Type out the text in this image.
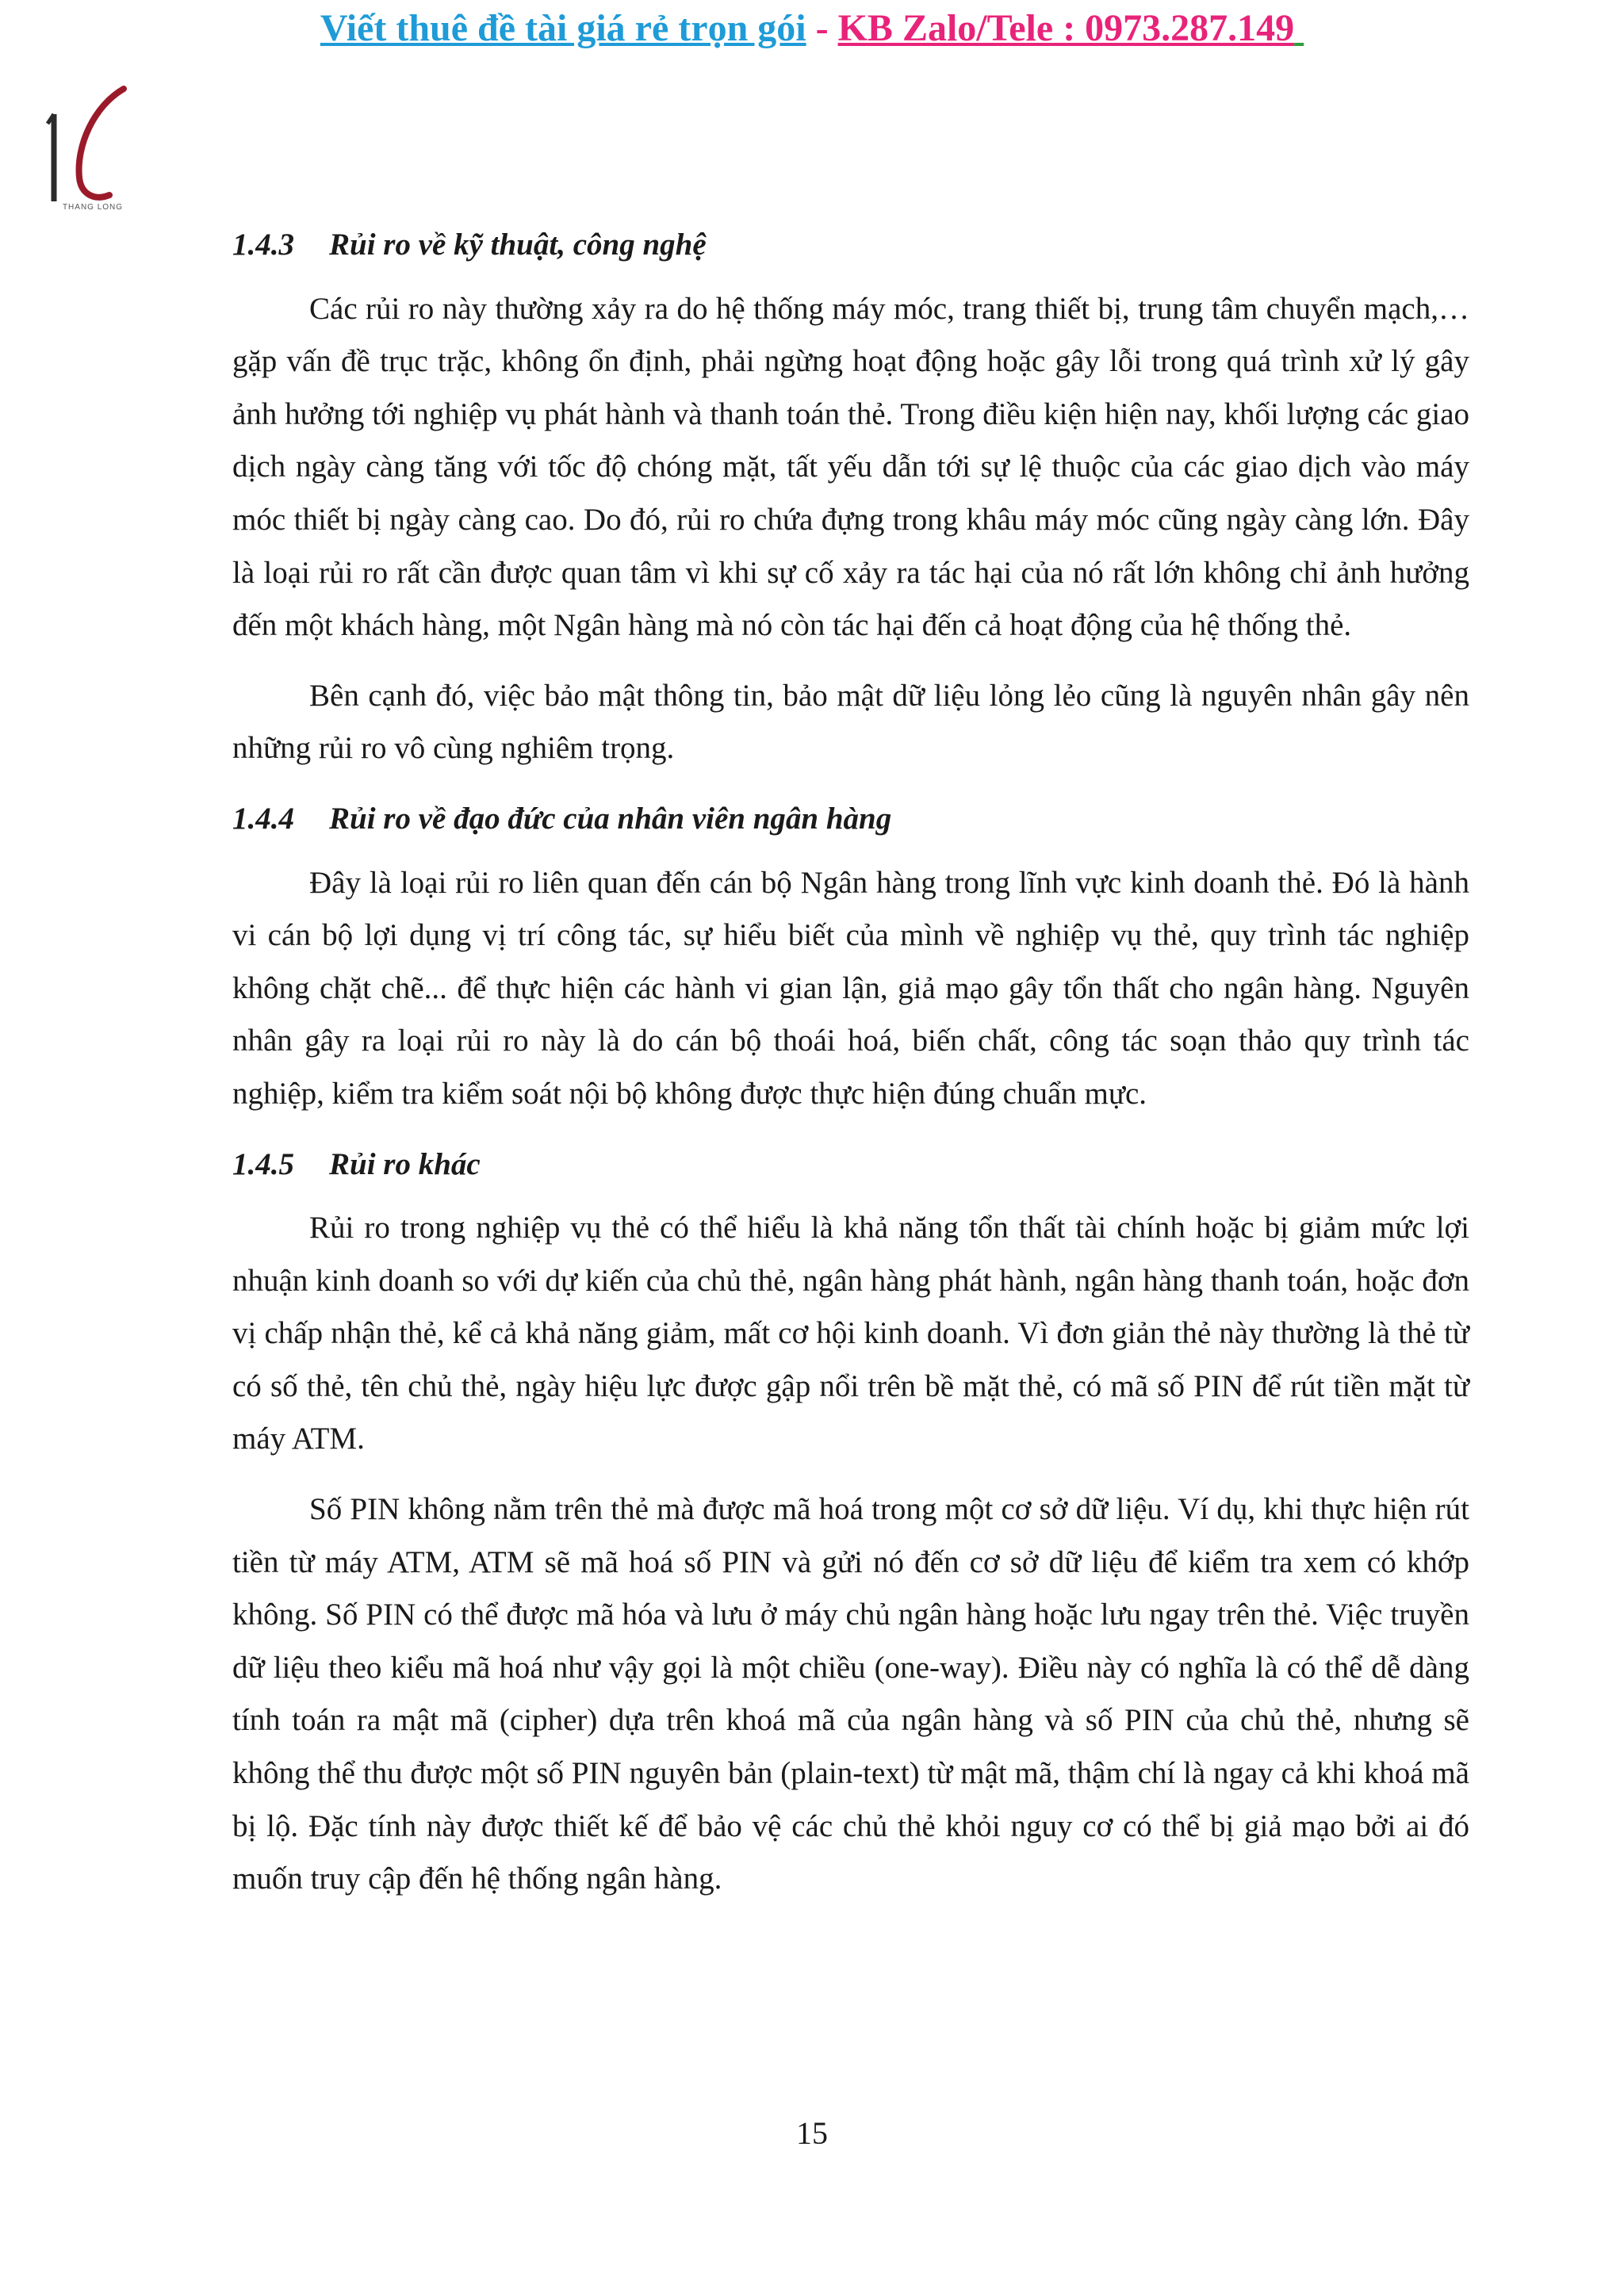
Viết thuê đề tài giá rẻ trọn gói - KB Zalo/Tele : 0973.287.149
THANG LONG

1.4.3 Rủi ro về kỹ thuật, công nghệ

Các rủi ro này thường xảy ra do hệ thống máy móc, trang thiết bị, trung tâm chuyển mạch,… gặp vấn đề trục trặc, không ổn định, phải ngừng hoạt động hoặc gây lỗi trong quá trình xử lý gây ảnh hưởng tới nghiệp vụ phát hành và thanh toán thẻ. Trong điều kiện hiện nay, khối lượng các giao dịch ngày càng tăng với tốc độ chóng mặt, tất yếu dẫn tới sự lệ thuộc của các giao dịch vào máy móc thiết bị ngày càng cao. Do đó, rủi ro chứa đựng trong khâu máy móc cũng ngày càng lớn. Đây là loại rủi ro rất cần được quan tâm vì khi sự cố xảy ra tác hại của nó rất lớn không chỉ ảnh hưởng đến một khách hàng, một Ngân hàng mà nó còn tác hại đến cả hoạt động của hệ thống thẻ.

Bên cạnh đó, việc bảo mật thông tin, bảo mật dữ liệu lỏng lẻo cũng là nguyên nhân gây nên những rủi ro vô cùng nghiêm trọng.

1.4.4 Rủi ro về đạo đức của nhân viên ngân hàng

Đây là loại rủi ro liên quan đến cán bộ Ngân hàng trong lĩnh vực kinh doanh thẻ. Đó là hành vi cán bộ lợi dụng vị trí công tác, sự hiểu biết của mình về nghiệp vụ thẻ, quy trình tác nghiệp không chặt chẽ... để thực hiện các hành vi gian lận, giả mạo gây tổn thất cho ngân hàng. Nguyên nhân gây ra loại rủi ro này là do cán bộ thoái hoá, biến chất, công tác soạn thảo quy trình tác nghiệp, kiểm tra kiểm soát nội bộ không được thực hiện đúng chuẩn mực.

1.4.5 Rủi ro khác

Rủi ro trong nghiệp vụ thẻ có thể hiểu là khả năng tổn thất tài chính hoặc bị giảm mức lợi nhuận kinh doanh so với dự kiến của chủ thẻ, ngân hàng phát hành, ngân hàng thanh toán, hoặc đơn vị chấp nhận thẻ, kể cả khả năng giảm, mất cơ hội kinh doanh. Vì đơn giản thẻ này thường là thẻ từ có số thẻ, tên chủ thẻ, ngày hiệu lực được gập nổi trên bề mặt thẻ, có mã số PIN để rút tiền mặt từ máy ATM.

Số PIN không nằm trên thẻ mà được mã hoá trong một cơ sở dữ liệu. Ví dụ, khi thực hiện rút tiền từ máy ATM, ATM sẽ mã hoá số PIN và gửi nó đến cơ sở dữ liệu để kiểm tra xem có khớp không. Số PIN có thể được mã hóa và lưu ở máy chủ ngân hàng hoặc lưu ngay trên thẻ. Việc truyền dữ liệu theo kiểu mã hoá như vậy gọi là một chiều (one-way). Điều này có nghĩa là có thể dễ dàng tính toán ra mật mã (cipher) dựa trên khoá mã của ngân hàng và số PIN của chủ thẻ, nhưng sẽ không thể thu được một số PIN nguyên bản (plain-text) từ mật mã, thậm chí là ngay cả khi khoá mã bị lộ. Đặc tính này được thiết kế để bảo vệ các chủ thẻ khỏi nguy cơ có thể bị giả mạo bởi ai đó muốn truy cập đến hệ thống ngân hàng.

15
